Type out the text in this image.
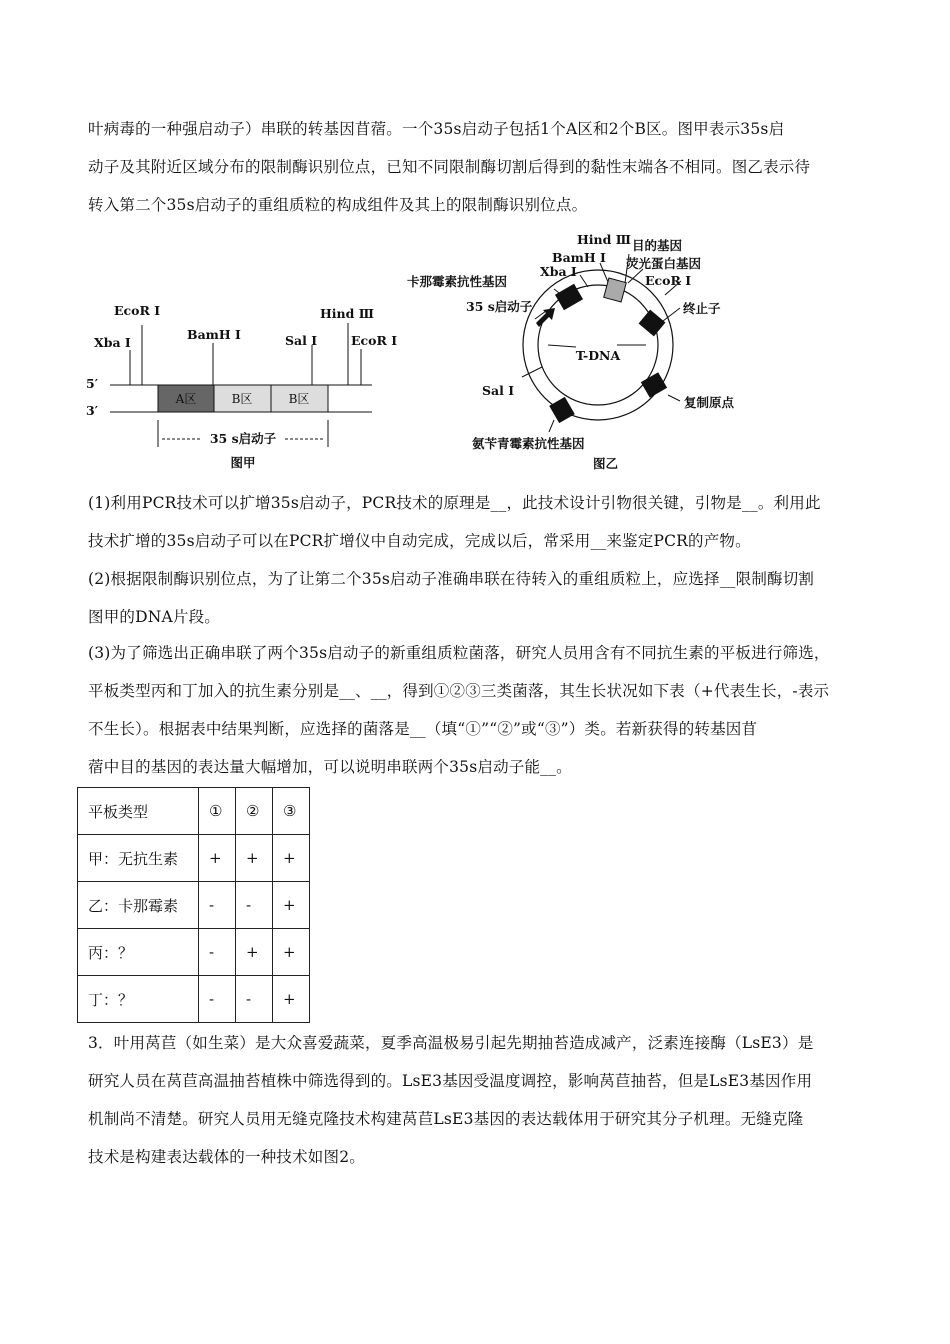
叶病毒的一种强启动子）串联的转基因苜蓿。一个35s启动子包括1个A区和2个B区。图甲表示35s启

动子及其附近区域分布的限制酶识别位点，已知不同限制酶切割后得到的黏性末端各不相同。图乙表示待

转入第二个35s启动子的重组质粒的构成组件及其上的限制酶识别位点。

A区	B区	B区
5′
3′
EcoR Ⅰ
Xba Ⅰ
BamH Ⅰ	Sal Ⅰ
Hind Ⅲ
EcoR Ⅰ
35 s启动子
图甲
Hind Ⅲ 目的基因
BamH Ⅰ 荧光蛋白基因
Xba Ⅰ
卡那霉素抗性基因	EcoR Ⅰ
35 s启动子	终止子
T-DNA
Sal Ⅰ
复制原点
氨苄青霉素抗性基因
图乙

(1)利用PCR技术可以扩增35s启动子，PCR技术的原理是__，此技术设计引物很关键，引物是__。利用此

技术扩增的35s启动子可以在PCR扩增仪中自动完成，完成以后，常采用__来鉴定PCR的产物。

(2)根据限制酶识别位点，为了让第二个35s启动子准确串联在待转入的重组质粒上，应选择__限制酶切割

图甲的DNA片段。

(3)为了筛选出正确串联了两个35s启动子的新重组质粒菌落，研究人员用含有不同抗生素的平板进行筛选，

平板类型丙和丁加入的抗生素分别是__、__，得到①②③三类菌落，其生长状况如下表（+代表生长，-表示

不生长）。根据表中结果判断，应选择的菌落是__（填“①”“②”或“③”）类。若新获得的转基因苜

蓿中目的基因的表达量大幅增加，可以说明串联两个35s启动子能__。

平板类型	①	②	③
甲：无抗生素	+	+	+
乙：卡那霉素	-	-	+
丙：？	-	+	+
丁：？	-	-	+

3．叶用莴苣（如生菜）是大众喜爱蔬菜，夏季高温极易引起先期抽苔造成减产，泛素连接酶（LsE3）是

研究人员在莴苣高温抽苔植株中筛选得到的。LsE3基因受温度调控，影响莴苣抽苔，但是LsE3基因作用

机制尚不清楚。研究人员用无缝克隆技术构建莴苣LsE3基因的表达载体用于研究其分子机理。无缝克隆

技术是构建表达载体的一种技术如图2。
